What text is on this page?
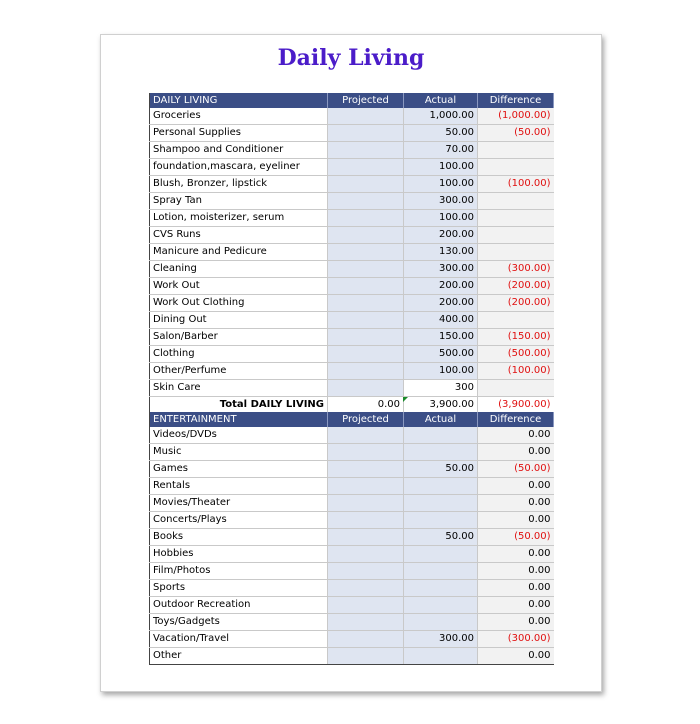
Daily Living
DAILY LIVING	Projected	Actual	Difference
Groceries		1,000.00	(1,000.00)
Personal Supplies		50.00	(50.00)
Shampoo and Conditioner		70.00	
foundation,mascara, eyeliner		100.00	
Blush, Bronzer, lipstick		100.00	(100.00)
Spray Tan		300.00	
Lotion, moisterizer, serum		100.00	
CVS Runs		200.00	
Manicure and Pedicure		130.00	
Cleaning		300.00	(300.00)
Work Out		200.00	(200.00)
Work Out Clothing		200.00	(200.00)
Dining Out		400.00	
Salon/Barber		150.00	(150.00)
Clothing		500.00	(500.00)
Other/Perfume		100.00	(100.00)
Skin Care		300	
Total DAILY LIVING	0.00	3,900.00	(3,900.00)
ENTERTAINMENT	Projected	Actual	Difference
Videos/DVDs			0.00
Music			0.00
Games		50.00	(50.00)
Rentals			0.00
Movies/Theater			0.00
Concerts/Plays			0.00
Books		50.00	(50.00)
Hobbies			0.00
Film/Photos			0.00
Sports			0.00
Outdoor Recreation			0.00
Toys/Gadgets			0.00
Vacation/Travel		300.00	(300.00)
Other			0.00
